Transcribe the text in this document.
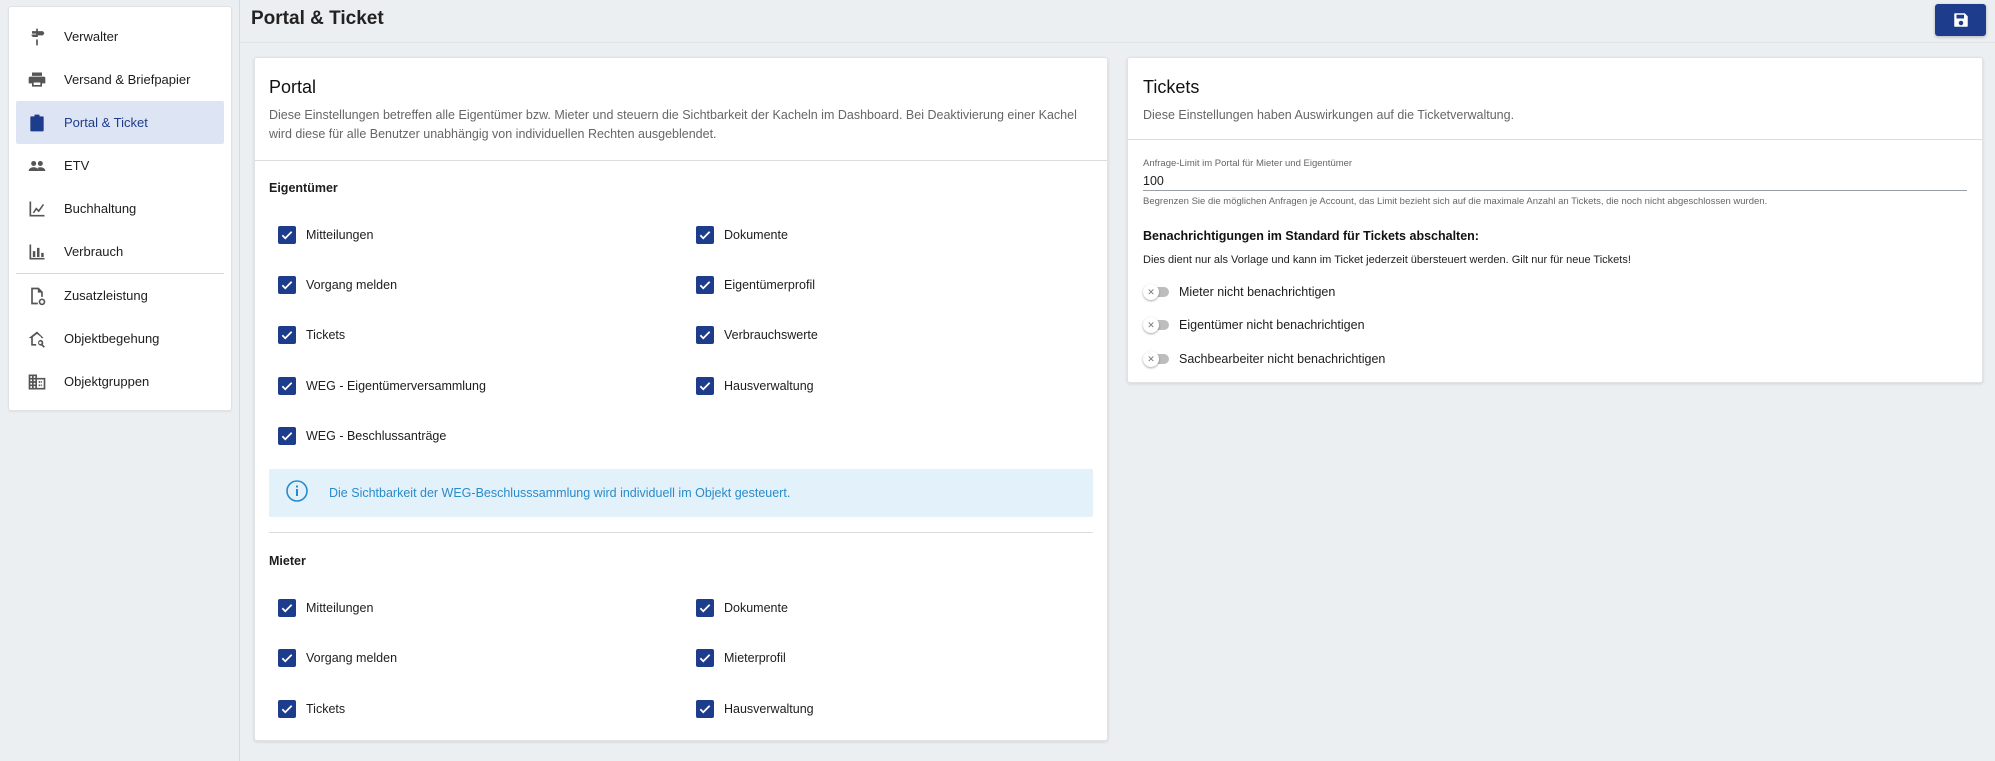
Verwalter
Versand & Briefpapier
Portal & Ticket
ETV
Buchhaltung
Verbrauch
Zusatzleistung
Objektbegehung
Objektgruppen
Portal & Ticket
Portal

Diese Einstellungen betreffen alle Eigentümer bzw. Mieter und steuern die Sichtbarkeit der Kacheln im Dashboard. Bei Deaktivierung einer Kachel wird diese für alle Benutzer unabhängig von individuellen Rechten ausgeblendet.

Eigentümer
Mitteilungen	Dokumente
Vorgang melden	Eigentümerprofil
Tickets	Verbrauchswerte
WEG - Eigentümerversammlung	Hausverwaltung
WEG - Beschlussanträge
Die Sichtbarkeit der WEG-Beschlusssammlung wird individuell im Objekt gesteuert.
Mieter
Mitteilungen	Dokumente
Vorgang melden	Mieterprofil
Tickets	Hausverwaltung
Tickets

Diese Einstellungen haben Auswirkungen auf die Ticketverwaltung.

Anfrage-Limit im Portal für Mieter und Eigentümer
100
Begrenzen Sie die möglichen Anfragen je Account, das Limit bezieht sich auf die maximale Anzahl an Tickets, die noch nicht abgeschlossen wurden.
Benachrichtigungen im Standard für Tickets abschalten:
Dies dient nur als Vorlage und kann im Ticket jederzeit übersteuert werden. Gilt nur für neue Tickets!
✕	Mieter nicht benachrichtigen
✕	Eigentümer nicht benachrichtigen
✕	Sachbearbeiter nicht benachrichtigen
